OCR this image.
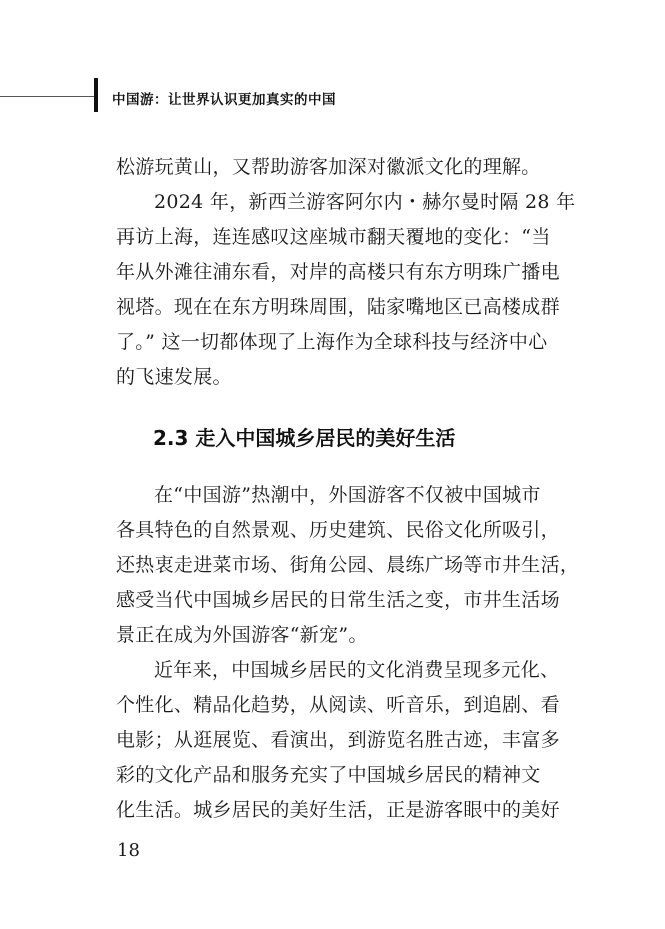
中国游：让世界认识更加真实的中国
松游玩黄山，又帮助游客加深对徽派文化的理解。
2024 年，新西兰游客阿尔内・赫尔曼时隔 28 年
再访上海，连连感叹这座城市翻天覆地的变化：“当
年从外滩往浦东看，对岸的高楼只有东方明珠广播电
视塔。现在在东方明珠周围，陆家嘴地区已高楼成群
了。” 这一切都体现了上海作为全球科技与经济中心
的飞速发展。
2.3 走入中国城乡居民的美好生活
在“中国游”热潮中，外国游客不仅被中国城市
各具特色的自然景观、历史建筑、民俗文化所吸引，
还热衷走进菜市场、街角公园、晨练广场等市井生活，
感受当代中国城乡居民的日常生活之变，市井生活场
景正在成为外国游客“新宠”。
近年来，中国城乡居民的文化消费呈现多元化、
个性化、精品化趋势，从阅读、听音乐，到追剧、看
电影；从逛展览、看演出，到游览名胜古迹，丰富多
彩的文化产品和服务充实了中国城乡居民的精神文
化生活。城乡居民的美好生活，正是游客眼中的美好
18
